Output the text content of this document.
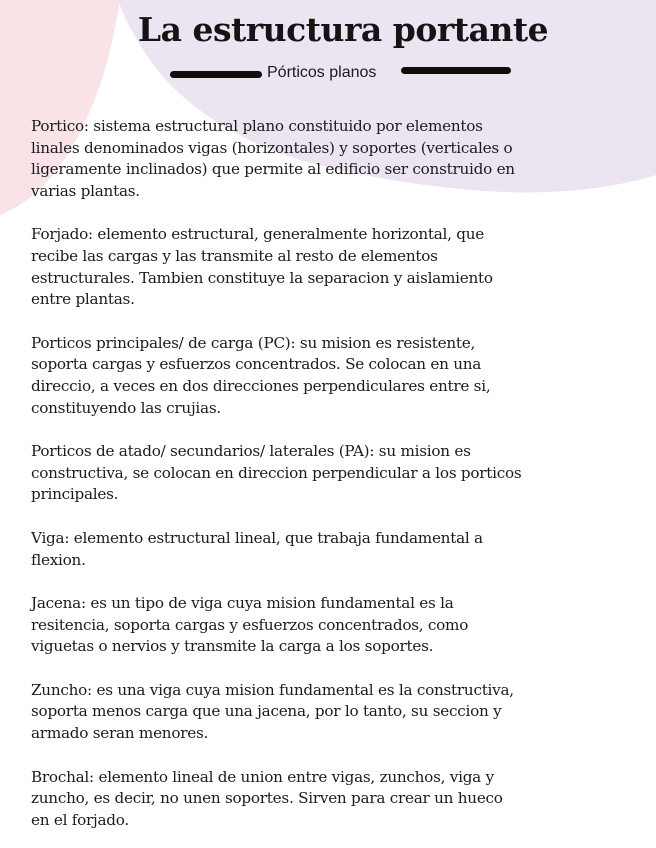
La estructura portante
Pórticos planos

Portico: sistema estructural plano constituido por elementos
linales denominados vigas (horizontales) y soportes (verticales o
ligeramente inclinados) que permite al edificio ser construido en
varias plantas.

Forjado: elemento estructural, generalmente horizontal, que
recibe las cargas y las transmite al resto de elementos
estructurales. Tambien constituye la separacion y aislamiento
entre plantas.

Porticos principales/ de carga (PC): su mision es resistente,
soporta cargas y esfuerzos concentrados. Se colocan en una
direccio, a veces en dos direcciones perpendiculares entre si,
constituyendo las crujias.

Porticos de atado/ secundarios/ laterales (PA): su mision es
constructiva, se colocan en direccion perpendicular a los porticos
principales.

Viga: elemento estructural lineal, que trabaja fundamental a
flexion.

Jacena: es un tipo de viga cuya mision fundamental es la
resitencia, soporta cargas y esfuerzos concentrados, como
viguetas o nervios y transmite la carga a los soportes.

Zuncho: es una viga cuya mision fundamental es la constructiva,
soporta menos carga que una jacena, por lo tanto, su seccion y
armado seran menores.

Brochal: elemento lineal de union entre vigas, zunchos, viga y
zuncho, es decir, no unen soportes. Sirven para crear un hueco
en el forjado.
